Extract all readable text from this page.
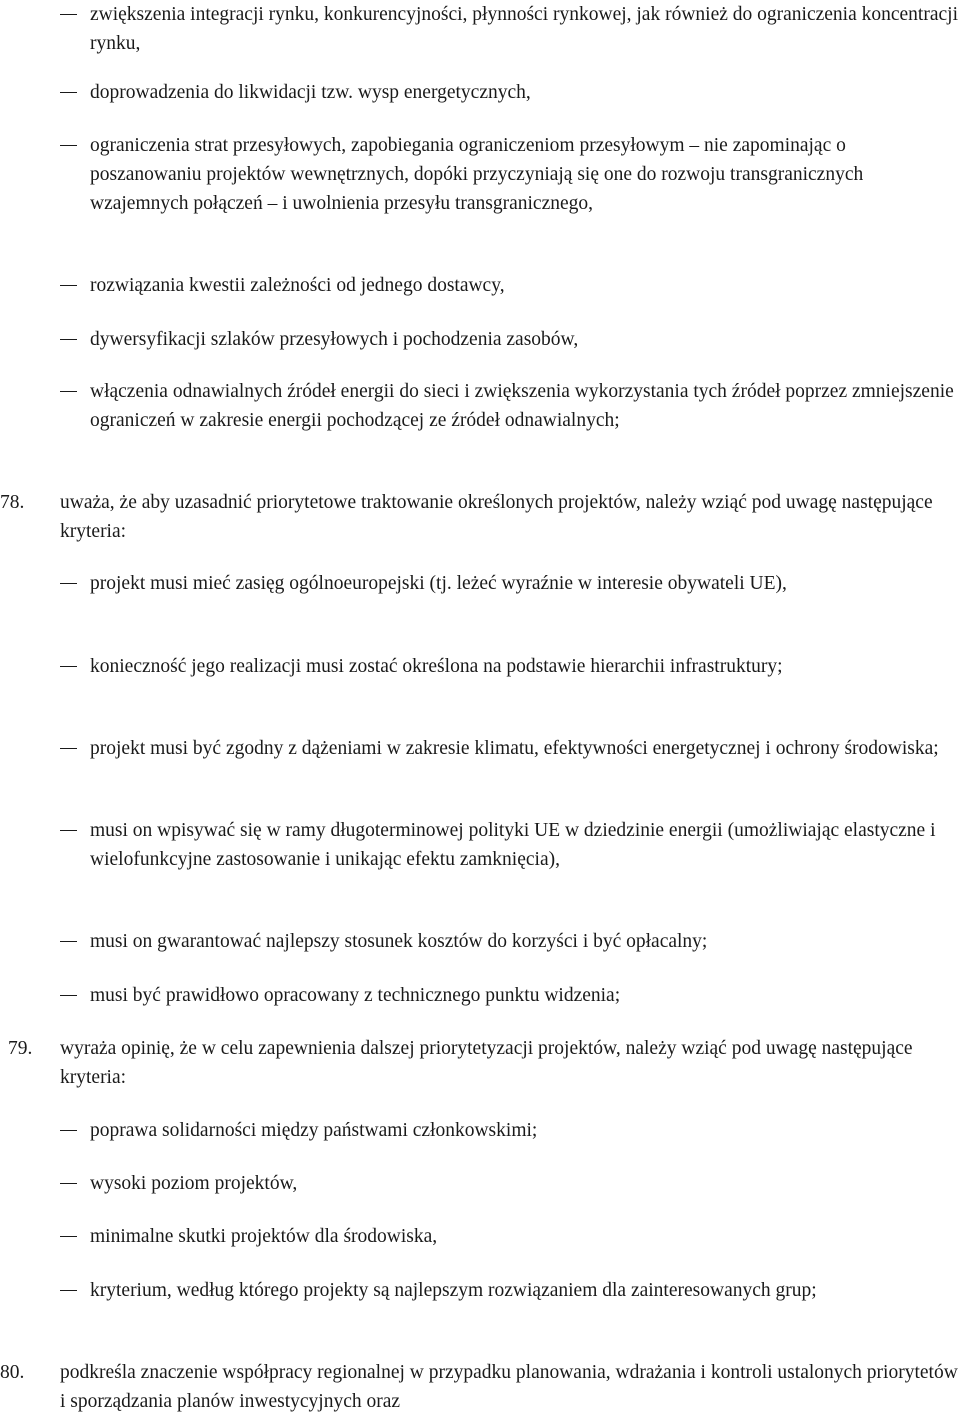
zwiększenia integracji rynku, konkurencyjności, płynności rynkowej, jak również do ograniczenia koncentracji rynku,
doprowadzenia do likwidacji tzw. wysp energetycznych,
ograniczenia strat przesyłowych, zapobiegania ograniczeniom przesyłowym – nie zapominając o poszanowaniu projektów wewnętrznych, dopóki przyczyniają się one do rozwoju transgranicznych wzajemnych połączeń – i uwolnienia przesyłu transgranicznego,
rozwiązania kwestii zależności od jednego dostawcy,
dywersyfikacji szlaków przesyłowych i pochodzenia zasobów,
włączenia odnawialnych źródeł energii do sieci i zwiększenia wykorzystania tych źródeł poprzez zmniejszenie ograniczeń w zakresie energii pochodzącej ze źródeł odnawialnych;
78. uważa, że aby uzasadnić priorytetowe traktowanie określonych projektów, należy wziąć pod uwagę następujące kryteria:
projekt musi mieć zasięg ogólnoeuropejski (tj. leżeć wyraźnie w interesie obywateli UE),
konieczność jego realizacji musi zostać określona na podstawie hierarchii infrastruktury;
projekt musi być zgodny z dążeniami w zakresie klimatu, efektywności energetycznej i ochrony środowiska;
musi on wpisywać się w ramy długoterminowej polityki UE w dziedzinie energii (umożliwiając elastyczne i wielofunkcyjne zastosowanie i unikając efektu zamknięcia),
musi on gwarantować najlepszy stosunek kosztów do korzyści i być opłacalny;
musi być prawidłowo opracowany z technicznego punktu widzenia;
79. wyraża opinię, że w celu zapewnienia dalszej priorytetyzacji projektów, należy wziąć pod uwagę następujące kryteria:
poprawa solidarności między państwami członkowskimi;
wysoki poziom projektów,
minimalne skutki projektów dla środowiska,
kryterium, według którego projekty są najlepszym rozwiązaniem dla zainteresowanych grup;
80. podkreśla znaczenie współpracy regionalnej w przypadku planowania, wdrażania i kontroli ustalonych priorytetów i sporządzania planów inwestycyjnych oraz
